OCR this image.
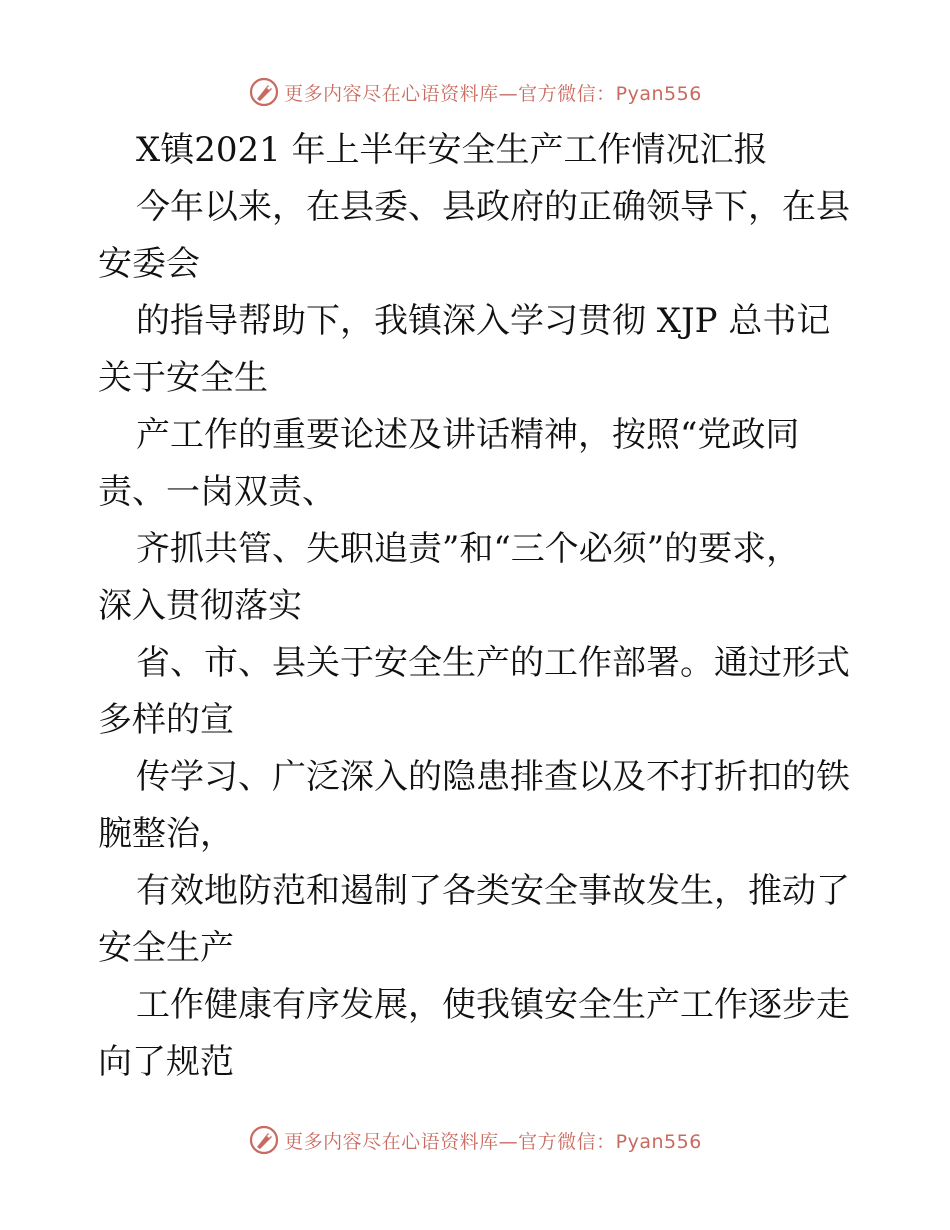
更多内容尽在心语资料库—官方微信：Pyan556
X镇2021 年上半年安全生产工作情况汇报
今年以来，在县委、县政府的正确领导下，在县
安委会
的指导帮助下，我镇深入学习贯彻 XJP 总书记
关于安全生
产工作的重要论述及讲话精神，按照“党政同
责、一岗双责、
齐抓共管、失职追责”和“三个必须”的要求，
深入贯彻落实
省、市、县关于安全生产的工作部署。通过形式
多样的宣
传学习、广泛深入的隐患排查以及不打折扣的铁
腕整治，
有效地防范和遏制了各类安全事故发生，推动了
安全生产
工作健康有序发展，使我镇安全生产工作逐步走
向了规范
更多内容尽在心语资料库—官方微信：Pyan556
